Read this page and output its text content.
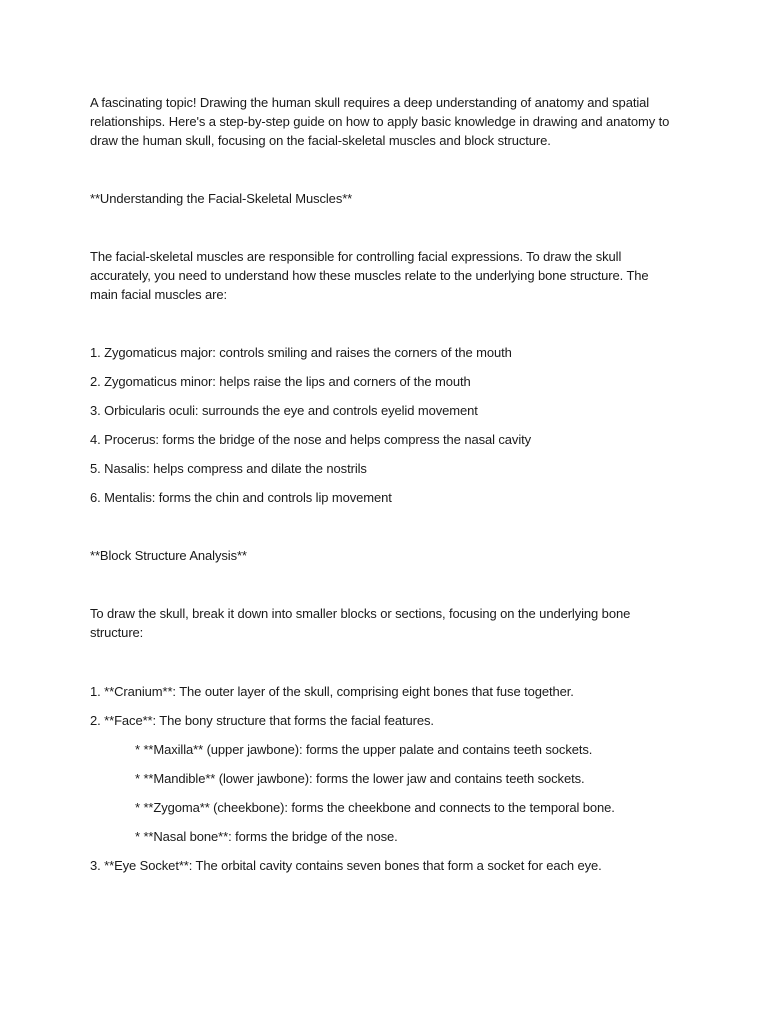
A fascinating topic! Drawing the human skull requires a deep understanding of anatomy and spatial
relationships. Here's a step-by-step guide on how to apply basic knowledge in drawing and anatomy to
draw the human skull, focusing on the facial-skeletal muscles and block structure.
**Understanding the Facial-Skeletal Muscles**
The facial-skeletal muscles are responsible for controlling facial expressions. To draw the skull
accurately, you need to understand how these muscles relate to the underlying bone structure. The
main facial muscles are:
1. Zygomaticus major: controls smiling and raises the corners of the mouth
2. Zygomaticus minor: helps raise the lips and corners of the mouth
3. Orbicularis oculi: surrounds the eye and controls eyelid movement
4. Procerus: forms the bridge of the nose and helps compress the nasal cavity
5. Nasalis: helps compress and dilate the nostrils
6. Mentalis: forms the chin and controls lip movement
**Block Structure Analysis**
To draw the skull, break it down into smaller blocks or sections, focusing on the underlying bone
structure:
1. **Cranium**: The outer layer of the skull, comprising eight bones that fuse together.
2. **Face**: The bony structure that forms the facial features.
* **Maxilla** (upper jawbone): forms the upper palate and contains teeth sockets.
* **Mandible** (lower jawbone): forms the lower jaw and contains teeth sockets.
* **Zygoma** (cheekbone): forms the cheekbone and connects to the temporal bone.
* **Nasal bone**: forms the bridge of the nose.
3. **Eye Socket**: The orbital cavity contains seven bones that form a socket for each eye.
